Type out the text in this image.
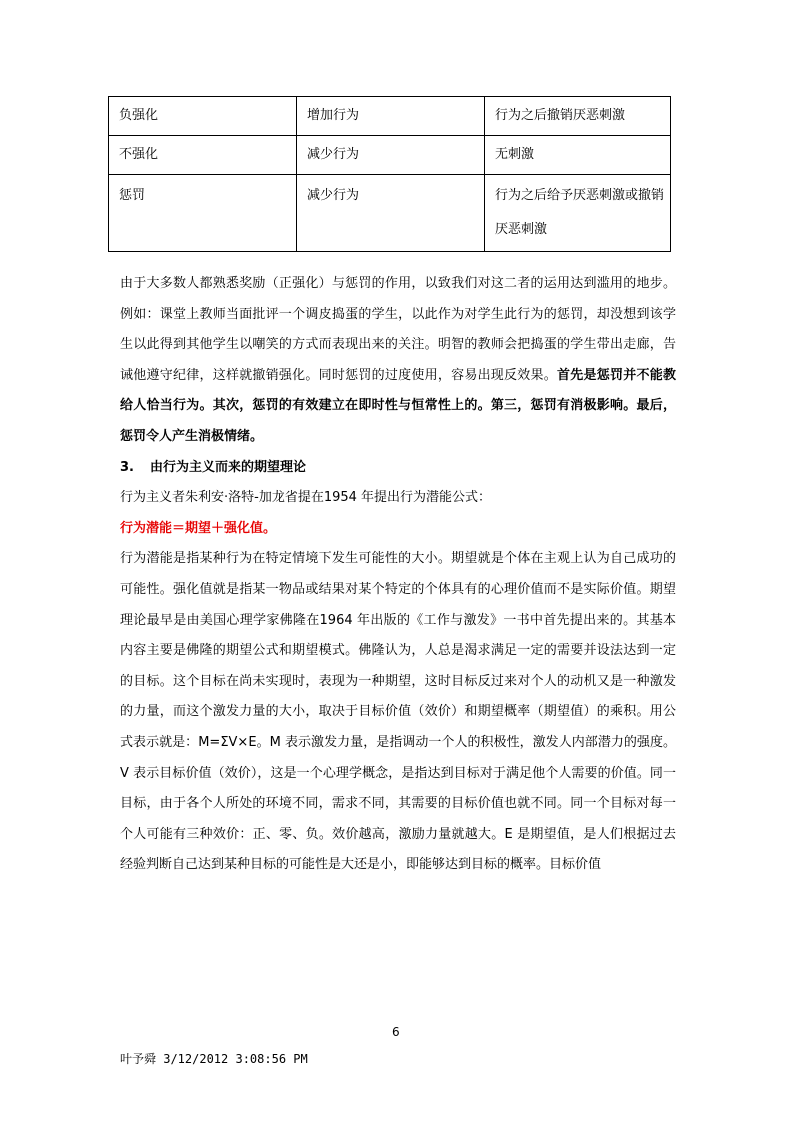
负强化	增加行为	行为之后撤销厌恶刺激
不强化	减少行为	无刺激
惩罚	减少行为	行为之后给予厌恶刺激或撤销厌恶刺激

由于大多数人都熟悉奖励（正强化）与惩罚的作用，以致我们对这二者的运用达到滥用的地步。例如：课堂上教师当面批评一个调皮捣蛋的学生，以此作为对学生此行为的惩罚，却没想到该学生以此得到其他学生以嘲笑的方式而表现出来的关注。明智的教师会把捣蛋的学生带出走廊，告诫他遵守纪律，这样就撤销强化。同时惩罚的过度使用，容易出现反效果。首先是惩罚并不能教给人恰当行为。其次，惩罚的有效建立在即时性与恒常性上的。第三，惩罚有消极影响。最后，惩罚令人产生消极情绪。

3. 由行为主义而来的期望理论

行为主义者朱利安·洛特-加龙省提在1954 年提出行为潜能公式：

行为潜能＝期望＋强化值。

行为潜能是指某种行为在特定情境下发生可能性的大小。期望就是个体在主观上认为自己成功的可能性。强化值就是指某一物品或结果对某个特定的个体具有的心理价值而不是实际价值。期望理论最早是由美国心理学家佛隆在1964 年出版的《工作与激发》一书中首先提出来的。其基本内容主要是佛隆的期望公式和期望模式。佛隆认为，人总是渴求满足一定的需要并设法达到一定的目标。这个目标在尚未实现时，表现为一种期望，这时目标反过来对个人的动机又是一种激发的力量，而这个激发力量的大小，取决于目标价值（效价）和期望概率（期望值）的乘积。用公式表示就是：M=ΣV×E。M 表示激发力量，是指调动一个人的积极性，激发人内部潜力的强度。V 表示目标价值（效价），这是一个心理学概念，是指达到目标对于满足他个人需要的价值。同一目标，由于各个人所处的环境不同，需求不同，其需要的目标价值也就不同。同一个目标对每一个人可能有三种效价：正、零、负。效价越高，激励力量就越大。E 是期望值，是人们根据过去经验判断自己达到某种目标的可能性是大还是小，即能够达到目标的概率。目标价值

6
叶予舜 3/12/2012 3:08:56 PM
